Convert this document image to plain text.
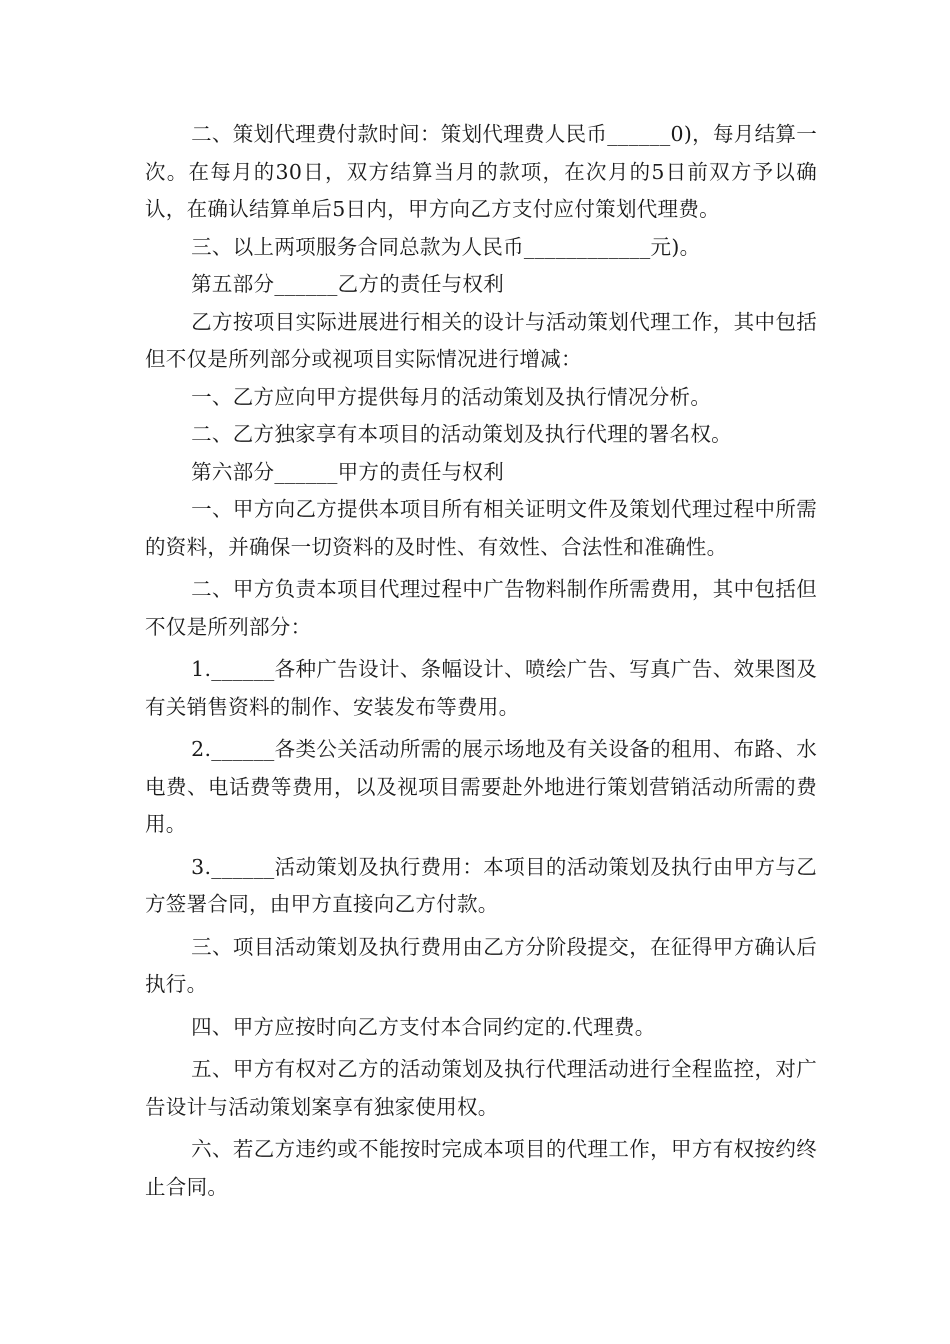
二、策划代理费付款时间：策划代理费人民币______0)，每月结算一次。在每月的30日，双方结算当月的款项，在次月的5日前双方予以确认，在确认结算单后5日内，甲方向乙方支付应付策划代理费。

三、以上两项服务合同总款为人民币____________元)。

第五部分______乙方的责任与权利

乙方按项目实际进展进行相关的设计与活动策划代理工作，其中包括但不仅是所列部分或视项目实际情况进行增减：

一、乙方应向甲方提供每月的活动策划及执行情况分析。

二、乙方独家享有本项目的活动策划及执行代理的署名权。

第六部分______甲方的责任与权利

一、甲方向乙方提供本项目所有相关证明文件及策划代理过程中所需的资料，并确保一切资料的及时性、有效性、合法性和准确性。

二、甲方负责本项目代理过程中广告物料制作所需费用，其中包括但不仅是所列部分：

1.______各种广告设计、条幅设计、喷绘广告、写真广告、效果图及有关销售资料的制作、安装发布等费用。

2.______各类公关活动所需的展示场地及有关设备的租用、布路、水电费、电话费等费用，以及视项目需要赴外地进行策划营销活动所需的费用。

3.______活动策划及执行费用：本项目的活动策划及执行由甲方与乙方签署合同，由甲方直接向乙方付款。

三、项目活动策划及执行费用由乙方分阶段提交，在征得甲方确认后执行。

四、甲方应按时向乙方支付本合同约定的.代理费。

五、甲方有权对乙方的活动策划及执行代理活动进行全程监控，对广告设计与活动策划案享有独家使用权。

六、若乙方违约或不能按时完成本项目的代理工作，甲方有权按约终止合同。
